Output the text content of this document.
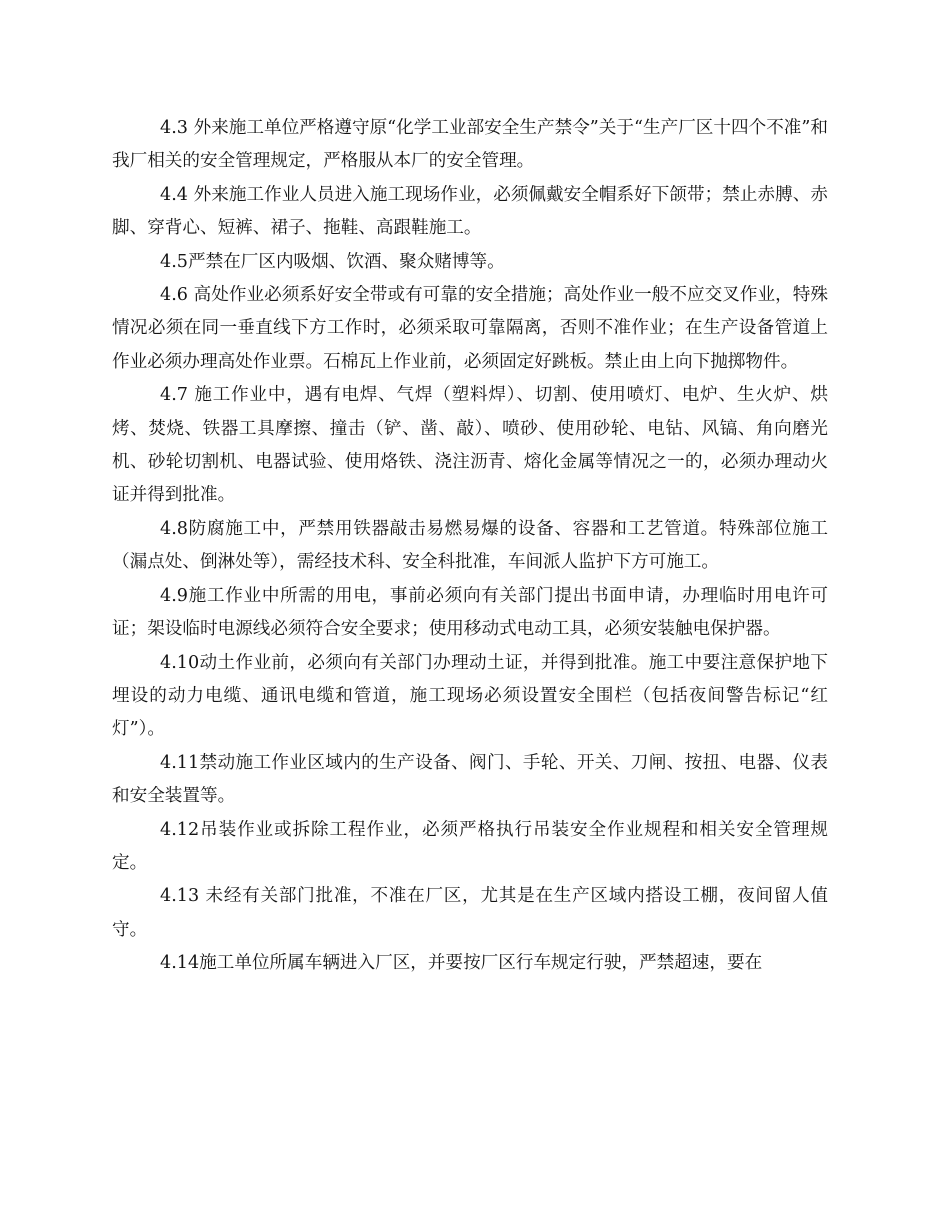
4.3 外来施工单位严格遵守原“化学工业部安全生产禁令”关于“生产厂区十四个不准”和我厂相关的安全管理规定，严格服从本厂的安全管理。

4.4 外来施工作业人员进入施工现场作业，必须佩戴安全帽系好下颌带；禁止赤膊、赤脚、穿背心、短裤、裙子、拖鞋、高跟鞋施工。

4.5严禁在厂区内吸烟、饮酒、聚众赌博等。

4.6 高处作业必须系好安全带或有可靠的安全措施；高处作业一般不应交叉作业，特殊情况必须在同一垂直线下方工作时，必须采取可靠隔离，否则不准作业；在生产设备管道上作业必须办理高处作业票。石棉瓦上作业前，必须固定好跳板。禁止由上向下抛掷物件。

4.7 施工作业中，遇有电焊、气焊（塑料焊）、切割、使用喷灯、电炉、生火炉、烘烤、焚烧、铁器工具摩擦、撞击（铲、凿、敲）、喷砂、使用砂轮、电钻、风镐、角向磨光机、砂轮切割机、电器试验、使用烙铁、浇注沥青、熔化金属等情况之一的，必须办理动火证并得到批准。

4.8防腐施工中，严禁用铁器敲击易燃易爆的设备、容器和工艺管道。特殊部位施工（漏点处、倒淋处等），需经技术科、安全科批准，车间派人监护下方可施工。

4.9施工作业中所需的用电，事前必须向有关部门提出书面申请，办理临时用电许可证；架设临时电源线必须符合安全要求；使用移动式电动工具，必须安装触电保护器。

4.10动土作业前，必须向有关部门办理动土证，并得到批准。施工中要注意保护地下埋设的动力电缆、通讯电缆和管道，施工现场必须设置安全围栏（包括夜间警告标记“红灯”）。

4.11禁动施工作业区域内的生产设备、阀门、手轮、开关、刀闸、按扭、电器、仪表和安全装置等。

4.12吊装作业或拆除工程作业，必须严格执行吊装安全作业规程和相关安全管理规定。

4.13 未经有关部门批准，不准在厂区，尤其是在生产区域内搭设工棚，夜间留人值守。

4.14施工单位所属车辆进入厂区，并要按厂区行车规定行驶，严禁超速，要在
